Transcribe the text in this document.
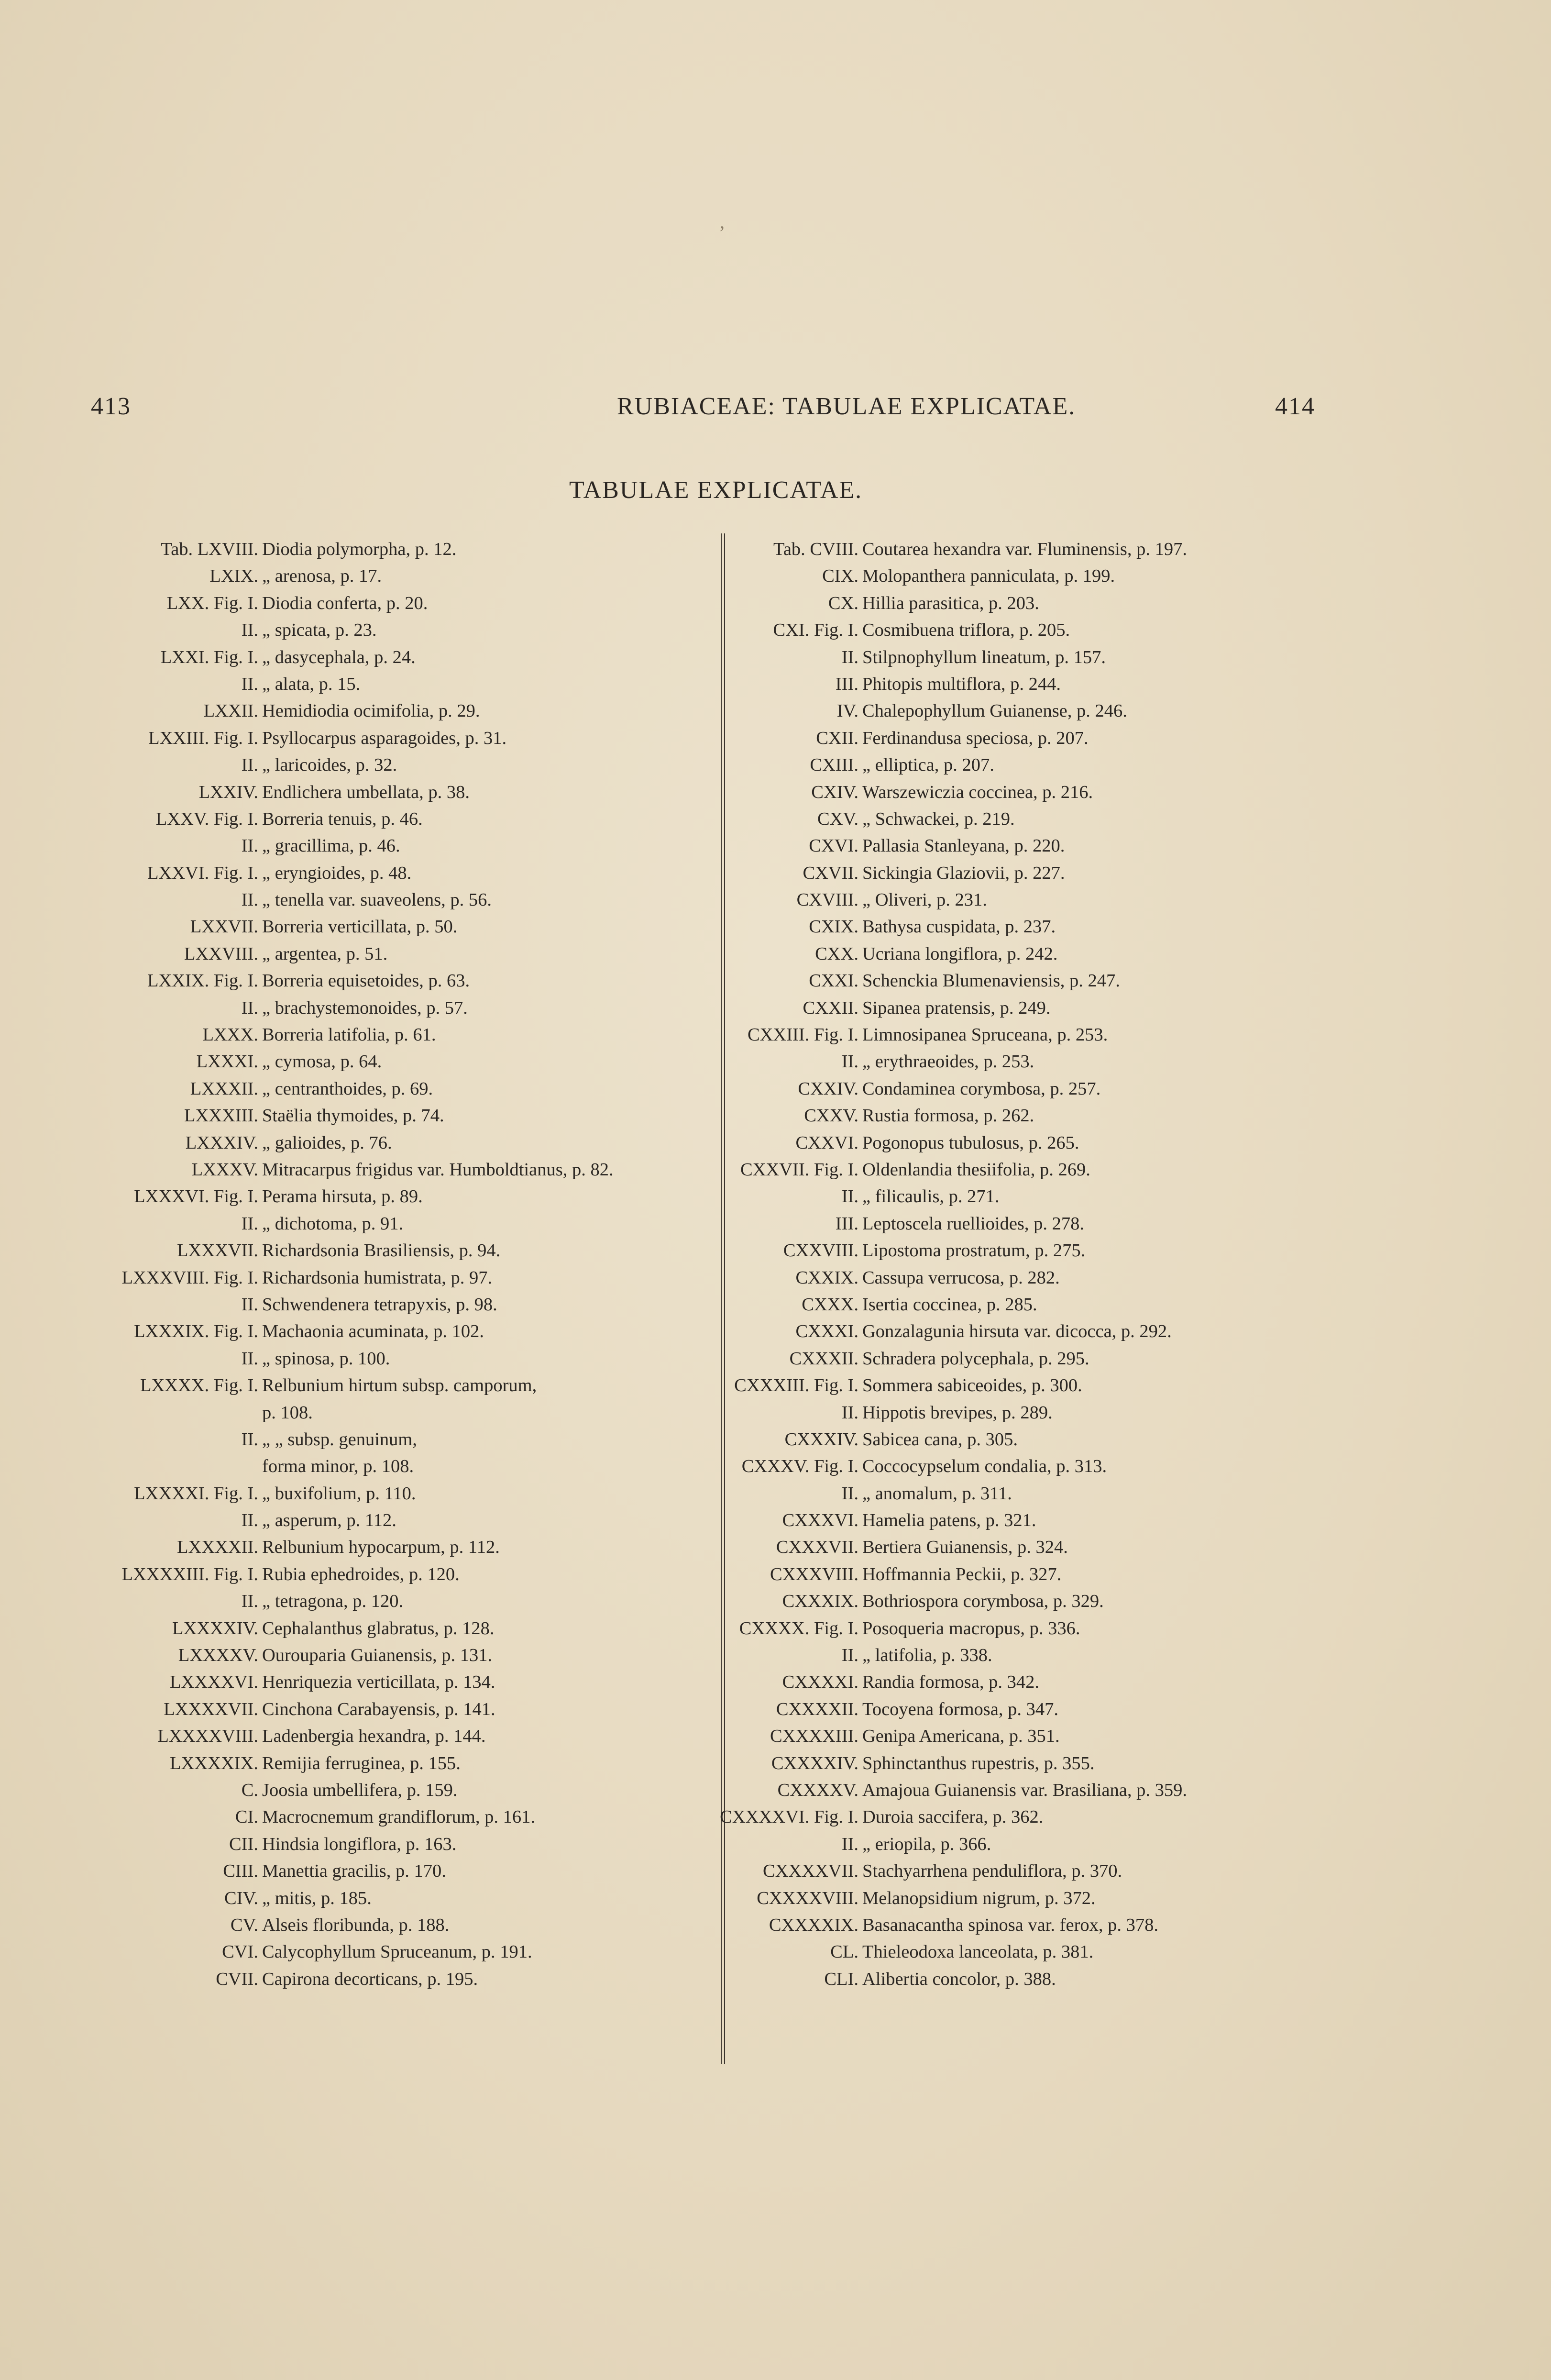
‚
413	RUBIACEAE: TABULAE EXPLICATAE.	414
TABULAE EXPLICATAE.
Tab. LXVIII. Diodia polymorpha, p. 12.
LXIX. „ arenosa, p. 17.
LXX. Fig. I. Diodia conferta, p. 20.
II. „ spicata, p. 23.
LXXI. Fig. I. „ dasycephala, p. 24.
II. „ alata, p. 15.
LXXII. Hemidiodia ocimifolia, p. 29.
LXXIII. Fig. I. Psyllocarpus asparagoides, p. 31.
II. „ laricoides, p. 32.
LXXIV. Endlichera umbellata, p. 38.
LXXV. Fig. I. Borreria tenuis, p. 46.
II. „ gracillima, p. 46.
LXXVI. Fig. I. „ eryngioides, p. 48.
II. „ tenella var. suaveolens, p. 56.
LXXVII. Borreria verticillata, p. 50.
LXXVIII. „ argentea, p. 51.
LXXIX. Fig. I. Borreria equisetoides, p. 63.
II. „ brachystemonoides, p. 57.
LXXX. Borreria latifolia, p. 61.
LXXXI. „ cymosa, p. 64.
LXXXII. „ centranthoides, p. 69.
LXXXIII. Staëlia thymoides, p. 74.
LXXXIV. „ galioides, p. 76.
LXXXV. Mitracarpus frigidus var. Humboldtianus, p. 82.
LXXXVI. Fig. I. Perama hirsuta, p. 89.
II. „ dichotoma, p. 91.
LXXXVII. Richardsonia Brasiliensis, p. 94.
LXXXVIII. Fig. I. Richardsonia humistrata, p. 97.
II. Schwendenera tetrapyxis, p. 98.
LXXXIX. Fig. I. Machaonia acuminata, p. 102.
II. „ spinosa, p. 100.
LXXXX. Fig. I. Relbunium hirtum subsp. camporum,
p. 108.
II. „ „ subsp. genuinum,
forma minor, p. 108.
LXXXXI. Fig. I. „ buxifolium, p. 110.
II. „ asperum, p. 112.
LXXXXII. Relbunium hypocarpum, p. 112.
LXXXXIII. Fig. I. Rubia ephedroides, p. 120.
II. „ tetragona, p. 120.
LXXXXIV. Cephalanthus glabratus, p. 128.
LXXXXV. Ourouparia Guianensis, p. 131.
LXXXXVI. Henriquezia verticillata, p. 134.
LXXXXVII. Cinchona Carabayensis, p. 141.
LXXXXVIII. Ladenbergia hexandra, p. 144.
LXXXXIX. Remijia ferruginea, p. 155.
C. Joosia umbellifera, p. 159.
CI. Macrocnemum grandiflorum, p. 161.
CII. Hindsia longiflora, p. 163.
CIII. Manettia gracilis, p. 170.
CIV. „ mitis, p. 185.
CV. Alseis floribunda, p. 188.
CVI. Calycophyllum Spruceanum, p. 191.
CVII. Capirona decorticans, p. 195.
Tab. CVIII. Coutarea hexandra var. Fluminensis, p. 197.
CIX. Molopanthera panniculata, p. 199.
CX. Hillia parasitica, p. 203.
CXI. Fig. I. Cosmibuena triflora, p. 205.
II. Stilpnophyllum lineatum, p. 157.
III. Phitopis multiflora, p. 244.
IV. Chalepophyllum Guianense, p. 246.
CXII. Ferdinandusa speciosa, p. 207.
CXIII. „ elliptica, p. 207.
CXIV. Warszewiczia coccinea, p. 216.
CXV. „ Schwackei, p. 219.
CXVI. Pallasia Stanleyana, p. 220.
CXVII. Sickingia Glaziovii, p. 227.
CXVIII. „ Oliveri, p. 231.
CXIX. Bathysa cuspidata, p. 237.
CXX. Ucriana longiflora, p. 242.
CXXI. Schenckia Blumenaviensis, p. 247.
CXXII. Sipanea pratensis, p. 249.
CXXIII. Fig. I. Limnosipanea Spruceana, p. 253.
II. „ erythraeoides, p. 253.
CXXIV. Condaminea corymbosa, p. 257.
CXXV. Rustia formosa, p. 262.
CXXVI. Pogonopus tubulosus, p. 265.
CXXVII. Fig. I. Oldenlandia thesiifolia, p. 269.
II. „ filicaulis, p. 271.
III. Leptoscela ruellioides, p. 278.
CXXVIII. Lipostoma prostratum, p. 275.
CXXIX. Cassupa verrucosa, p. 282.
CXXX. Isertia coccinea, p. 285.
CXXXI. Gonzalagunia hirsuta var. dicocca, p. 292.
CXXXII. Schradera polycephala, p. 295.
CXXXIII. Fig. I. Sommera sabiceoides, p. 300.
II. Hippotis brevipes, p. 289.
CXXXIV. Sabicea cana, p. 305.
CXXXV. Fig. I. Coccocypselum condalia, p. 313.
II. „ anomalum, p. 311.
CXXXVI. Hamelia patens, p. 321.
CXXXVII. Bertiera Guianensis, p. 324.
CXXXVIII. Hoffmannia Peckii, p. 327.
CXXXIX. Bothriospora corymbosa, p. 329.
CXXXX. Fig. I. Posoqueria macropus, p. 336.
II. „ latifolia, p. 338.
CXXXXI. Randia formosa, p. 342.
CXXXXII. Tocoyena formosa, p. 347.
CXXXXIII. Genipa Americana, p. 351.
CXXXXIV. Sphinctanthus rupestris, p. 355.
CXXXXV. Amajoua Guianensis var. Brasiliana, p. 359.
CXXXXVI. Fig. I. Duroia saccifera, p. 362.
II. „ eriopila, p. 366.
CXXXXVII. Stachyarrhena penduliflora, p. 370.
CXXXXVIII. Melanopsidium nigrum, p. 372.
CXXXXIX. Basanacantha spinosa var. ferox, p. 378.
CL. Thieleodoxa lanceolata, p. 381.
CLI. Alibertia concolor, p. 388.
